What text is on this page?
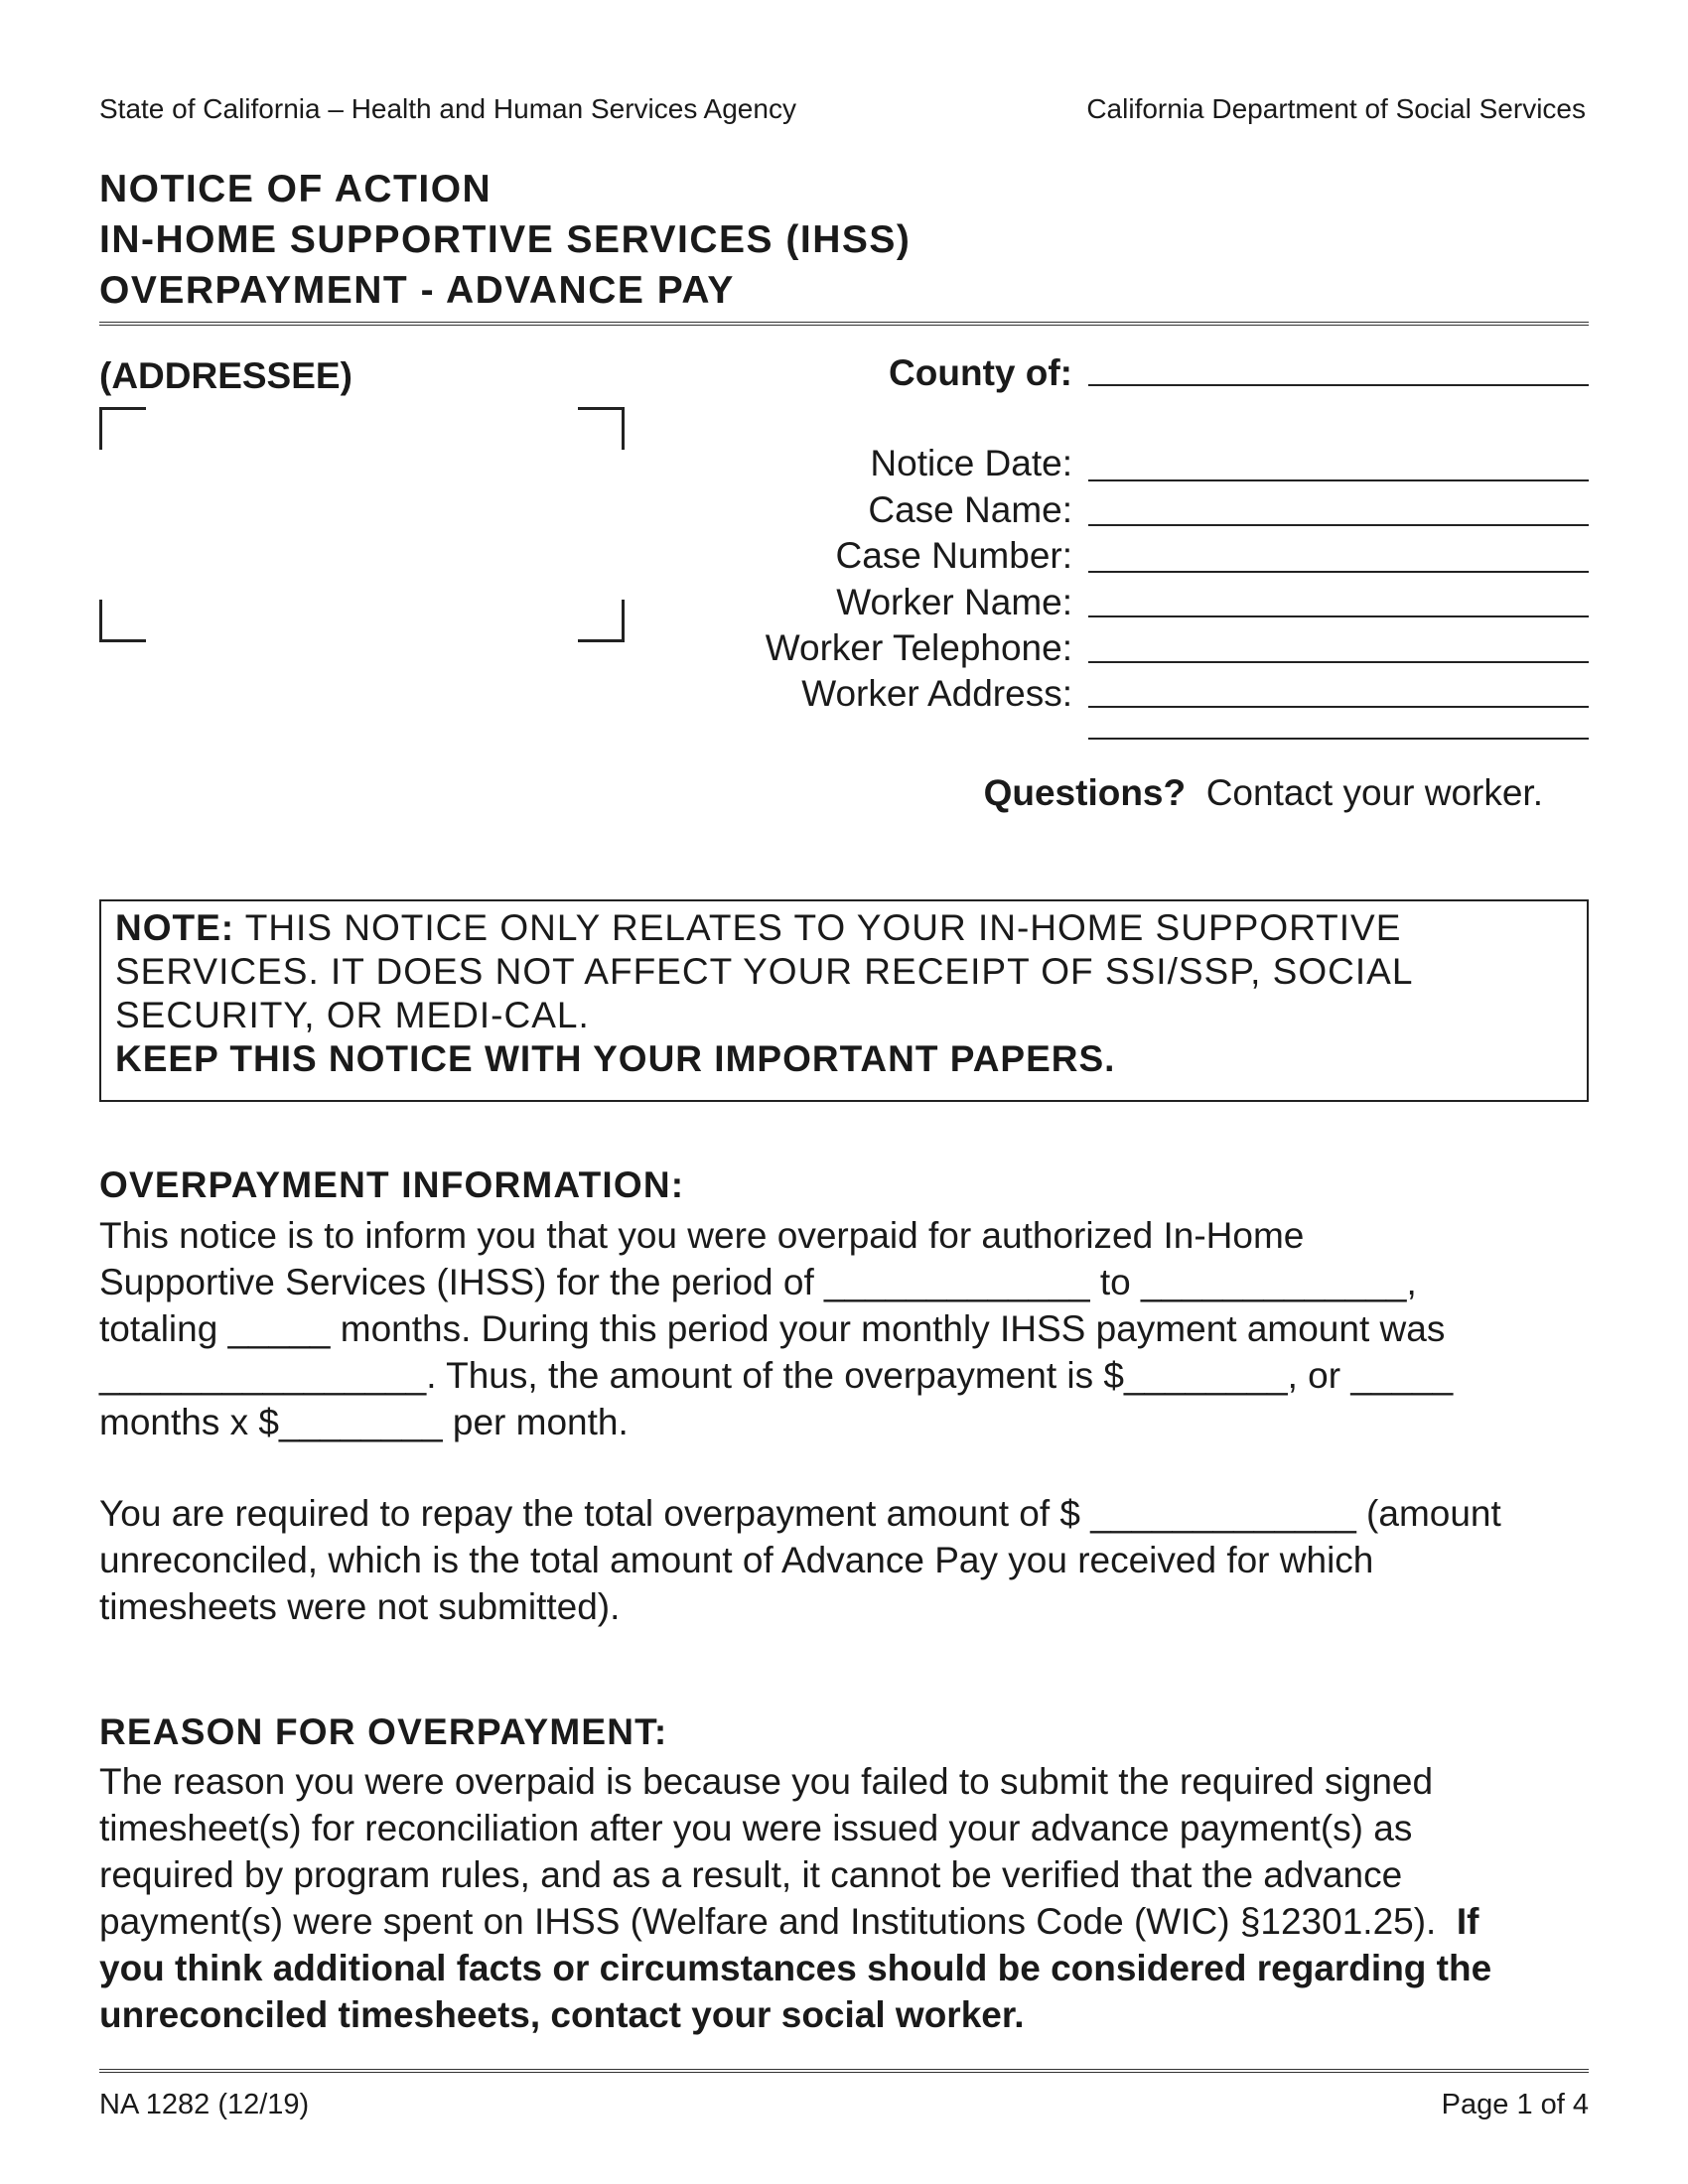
State of California – Health and Human Services Agency	California Department of Social Services
NOTICE OF ACTION
IN-HOME SUPPORTIVE SERVICES (IHSS)
OVERPAYMENT - ADVANCE PAY
(ADDRESSEE)	County of:
Notice Date:
Case Name:
Case Number:
Worker Name:
Worker Telephone:
Worker Address:
Questions? Contact your worker.
NOTE: THIS NOTICE ONLY RELATES TO YOUR IN-HOME SUPPORTIVE
SERVICES. IT DOES NOT AFFECT YOUR RECEIPT OF SSI/SSP, SOCIAL
SECURITY, OR MEDI-CAL.
KEEP THIS NOTICE WITH YOUR IMPORTANT PAPERS.
OVERPAYMENT INFORMATION:
This notice is to inform you that you were overpaid for authorized In-Home
Supportive Services (IHSS) for the period of _____________ to _____________,
totaling _____ months. During this period your monthly IHSS payment amount was
________________. Thus, the amount of the overpayment is $________, or _____
months x $________ per month.
You are required to repay the total overpayment amount of $ _____________ (amount
unreconciled, which is the total amount of Advance Pay you received for which
timesheets were not submitted).
REASON FOR OVERPAYMENT:
The reason you were overpaid is because you failed to submit the required signed
timesheet(s) for reconciliation after you were issued your advance payment(s) as
required by program rules, and as a result, it cannot be verified that the advance
payment(s) were spent on IHSS (Welfare and Institutions Code (WIC) §12301.25). If
you think additional facts or circumstances should be considered regarding the
unreconciled timesheets, contact your social worker.
NA 1282 (12/19)	Page 1 of 4
